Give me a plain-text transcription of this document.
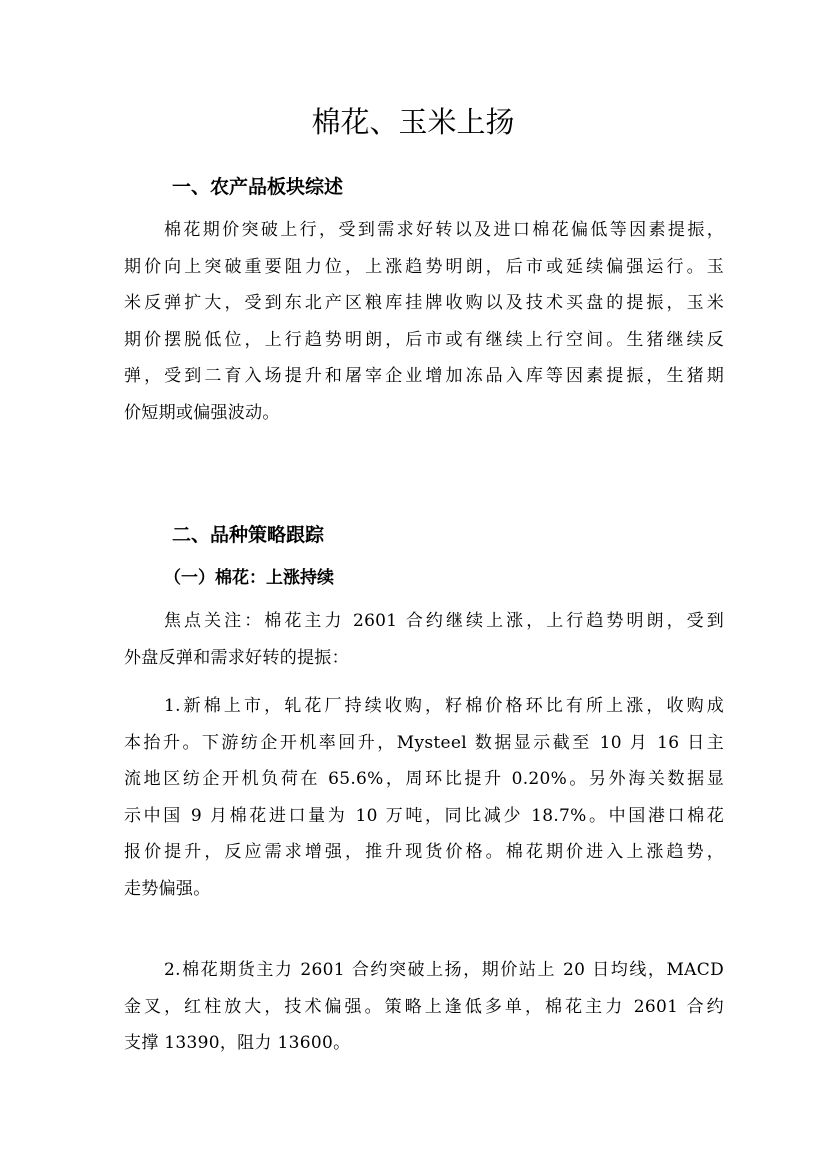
棉花、玉米上扬
一、农产品板块综述
棉花期价突破上行，受到需求好转以及进口棉花偏低等因素提振，
期价向上突破重要阻力位，上涨趋势明朗，后市或延续偏强运行。玉
米反弹扩大，受到东北产区粮库挂牌收购以及技术买盘的提振，玉米
期价摆脱低位，上行趋势明朗，后市或有继续上行空间。生猪继续反
弹，受到二育入场提升和屠宰企业增加冻品入库等因素提振，生猪期
价短期或偏强波动。
二、品种策略跟踪
（一）棉花：上涨持续
焦点关注：棉花主力 2601 合约继续上涨，上行趋势明朗，受到
外盘反弹和需求好转的提振：
1.新棉上市，轧花厂持续收购，籽棉价格环比有所上涨，收购成
本抬升。下游纺企开机率回升，Mysteel 数据显示截至 10 月 16 日主
流地区纺企开机负荷在 65.6%，周环比提升 0.20%。另外海关数据显
示中国 9 月棉花进口量为 10 万吨，同比减少 18.7%。中国港口棉花
报价提升，反应需求增强，推升现货价格。棉花期价进入上涨趋势，
走势偏强。
2.棉花期货主力 2601 合约突破上扬，期价站上 20 日均线，MACD
金叉，红柱放大，技术偏强。策略上逢低多单，棉花主力 2601 合约
支撑 13390，阻力 13600。
